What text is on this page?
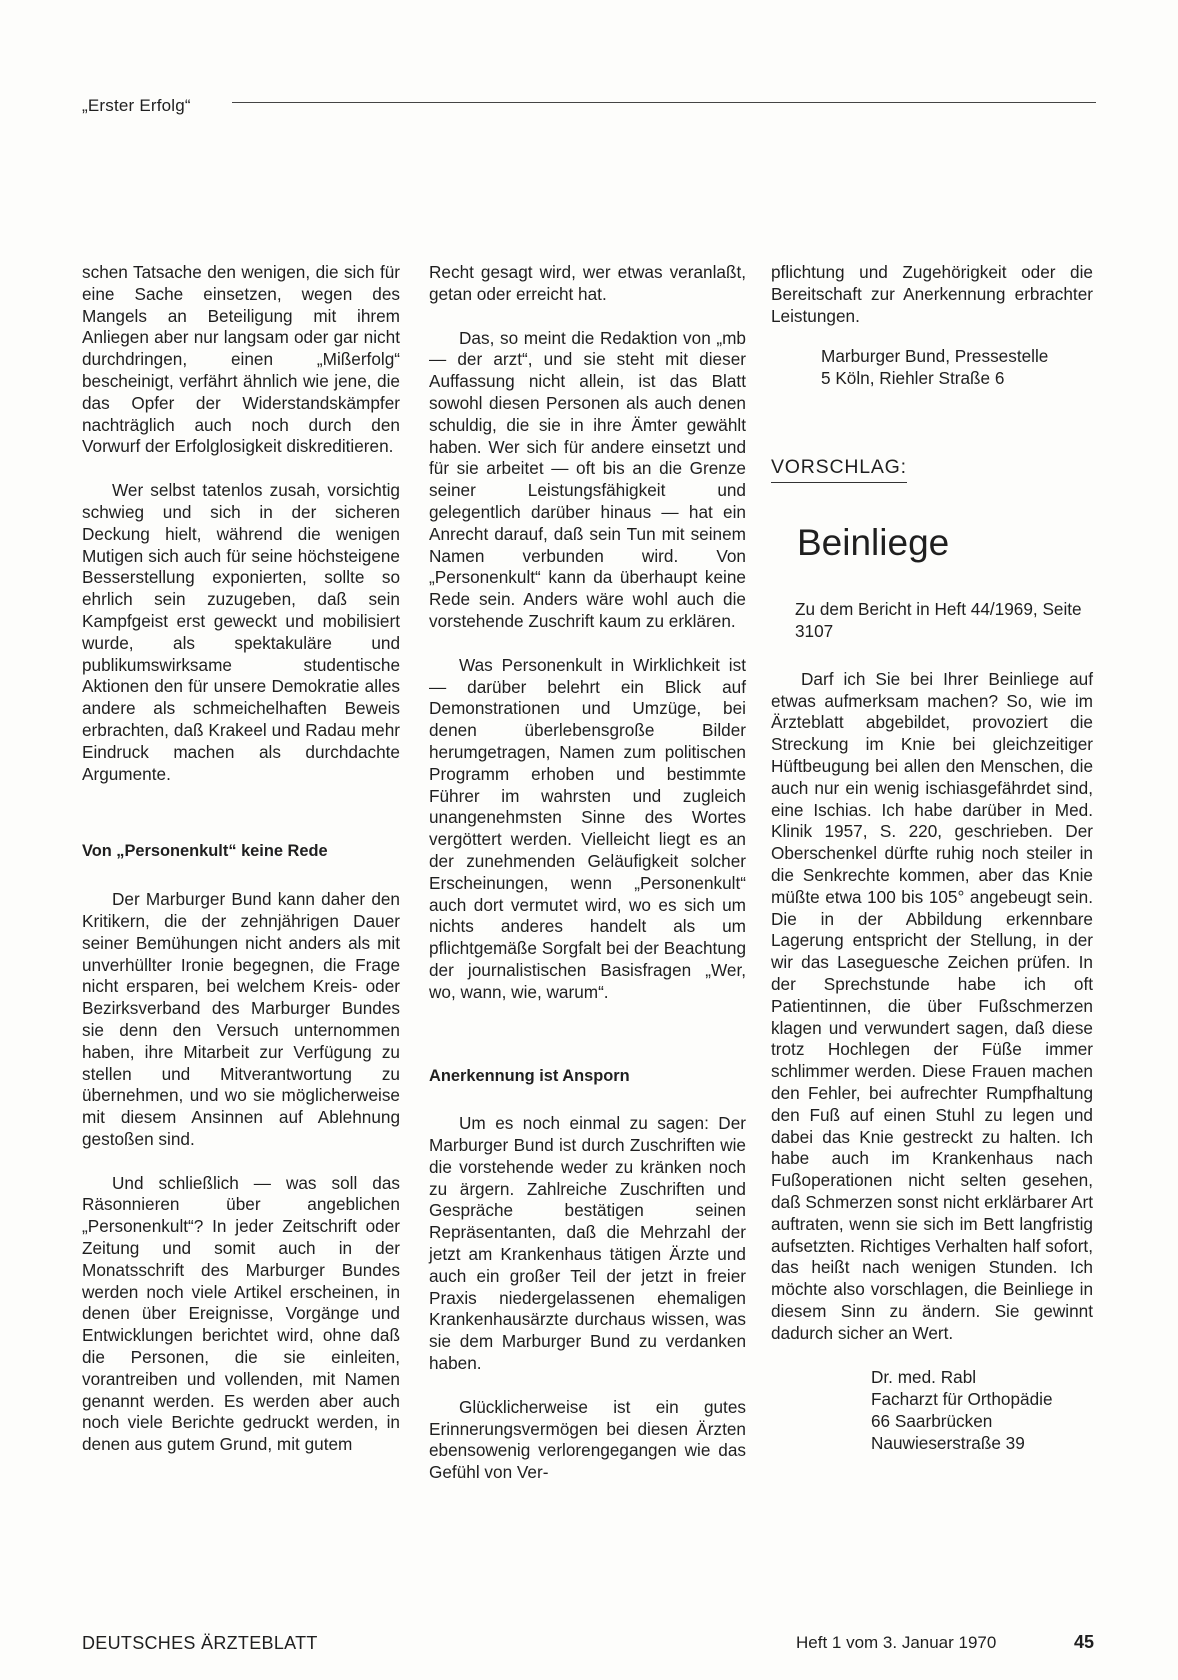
„Erster Erfolg“

schen Tatsache den wenigen, die sich für eine Sache einsetzen, wegen des Mangels an Beteiligung mit ihrem Anliegen aber nur langsam oder gar nicht durchdringen, einen „Mißerfolg“ bescheinigt, verfährt ähnlich wie jene, die das Opfer der Widerstandskämpfer nachträglich auch noch durch den Vorwurf der Erfolglosigkeit diskreditieren.

Wer selbst tatenlos zusah, vorsichtig schwieg und sich in der sicheren Deckung hielt, während die wenigen Mutigen sich auch für seine höchsteigene Besserstellung exponierten, sollte so ehrlich sein zuzugeben, daß sein Kampfgeist erst geweckt und mobilisiert wurde, als spektakuläre und publikumswirksame studentische Aktionen den für unsere Demokratie alles andere als schmeichelhaften Beweis erbrachten, daß Krakeel und Radau mehr Eindruck machen als durchdachte Argumente.

Von „Personenkult“ keine Rede

Der Marburger Bund kann daher den Kritikern, die der zehnjährigen Dauer seiner Bemühungen nicht anders als mit unverhüllter Ironie begegnen, die Frage nicht ersparen, bei welchem Kreis- oder Bezirksverband des Marburger Bundes sie denn den Versuch unternommen haben, ihre Mitarbeit zur Verfügung zu stellen und Mitverantwortung zu übernehmen, und wo sie möglicherweise mit diesem Ansinnen auf Ablehnung gestoßen sind.

Und schließlich — was soll das Räsonnieren über angeblichen „Personenkult“? In jeder Zeitschrift oder Zeitung und somit auch in der Monatsschrift des Marburger Bundes werden noch viele Artikel erscheinen, in denen über Ereignisse, Vorgänge und Entwicklungen berichtet wird, ohne daß die Personen, die sie einleiten, vorantreiben und vollenden, mit Namen genannt werden. Es werden aber auch noch viele Berichte gedruckt werden, in denen aus gutem Grund, mit gutem

Recht gesagt wird, wer etwas veranlaßt, getan oder erreicht hat.

Das, so meint die Redaktion von „mb — der arzt“, und sie steht mit dieser Auffassung nicht allein, ist das Blatt sowohl diesen Personen als auch denen schuldig, die sie in ihre Ämter gewählt haben. Wer sich für andere einsetzt und für sie arbeitet — oft bis an die Grenze seiner Leistungsfähigkeit und gelegentlich darüber hinaus — hat ein Anrecht darauf, daß sein Tun mit seinem Namen verbunden wird. Von „Personenkult“ kann da überhaupt keine Rede sein. Anders wäre wohl auch die vorstehende Zuschrift kaum zu erklären.

Was Personenkult in Wirklichkeit ist — darüber belehrt ein Blick auf Demonstrationen und Umzüge, bei denen überlebensgroße Bilder herumgetragen, Namen zum politischen Programm erhoben und bestimmte Führer im wahrsten und zugleich unangenehmsten Sinne des Wortes vergöttert werden. Vielleicht liegt es an der zunehmenden Geläufigkeit solcher Erscheinungen, wenn „Personenkult“ auch dort vermutet wird, wo es sich um nichts anderes handelt als um pflichtgemäße Sorgfalt bei der Beachtung der journalistischen Basisfragen „Wer, wo, wann, wie, warum“.

Anerkennung ist Ansporn

Um es noch einmal zu sagen: Der Marburger Bund ist durch Zuschriften wie die vorstehende weder zu kränken noch zu ärgern. Zahlreiche Zuschriften und Gespräche bestätigen seinen Repräsentanten, daß die Mehrzahl der jetzt am Krankenhaus tätigen Ärzte und auch ein großer Teil der jetzt in freier Praxis niedergelassenen ehemaligen Krankenhausärzte durchaus wissen, was sie dem Marburger Bund zu verdanken haben.

Glücklicherweise ist ein gutes Erinnerungsvermögen bei diesen Ärzten ebensowenig verlorengegangen wie das Gefühl von Ver-

pflichtung und Zugehörigkeit oder die Bereitschaft zur Anerkennung erbrachter Leistungen.

Marburger Bund, Pressestelle
5 Köln, Riehler Straße 6
VORSCHLAG:
Beinliege
Zu dem Bericht in Heft 44/1969, Seite 3107

Darf ich Sie bei Ihrer Beinliege auf etwas aufmerksam machen? So, wie im Ärzteblatt abgebildet, provoziert die Streckung im Knie bei gleichzeitiger Hüftbeugung bei allen den Menschen, die auch nur ein wenig ischiasgefährdet sind, eine Ischias. Ich habe darüber in Med. Klinik 1957, S. 220, geschrieben. Der Oberschenkel dürfte ruhig noch steiler in die Senkrechte kommen, aber das Knie müßte etwa 100 bis 105° angebeugt sein. Die in der Abbildung erkennbare Lagerung entspricht der Stellung, in der wir das Laseguesche Zeichen prüfen. In der Sprechstunde habe ich oft Patientinnen, die über Fußschmerzen klagen und verwundert sagen, daß diese trotz Hochlegen der Füße immer schlimmer werden. Diese Frauen machen den Fehler, bei aufrechter Rumpfhaltung den Fuß auf einen Stuhl zu legen und dabei das Knie gestreckt zu halten. Ich habe auch im Krankenhaus nach Fußoperationen nicht selten gesehen, daß Schmerzen sonst nicht erklärbarer Art auftraten, wenn sie sich im Bett langfristig aufsetzten. Richtiges Verhalten half sofort, das heißt nach wenigen Stunden. Ich möchte also vorschlagen, die Beinliege in diesem Sinn zu ändern. Sie gewinnt dadurch sicher an Wert.

Dr. med. Rabl
Facharzt für Orthopädie
66 Saarbrücken
Nauwieserstraße 39
DEUTSCHES ÄRZTEBLATT	Heft 1 vom 3. Januar 1970	45
